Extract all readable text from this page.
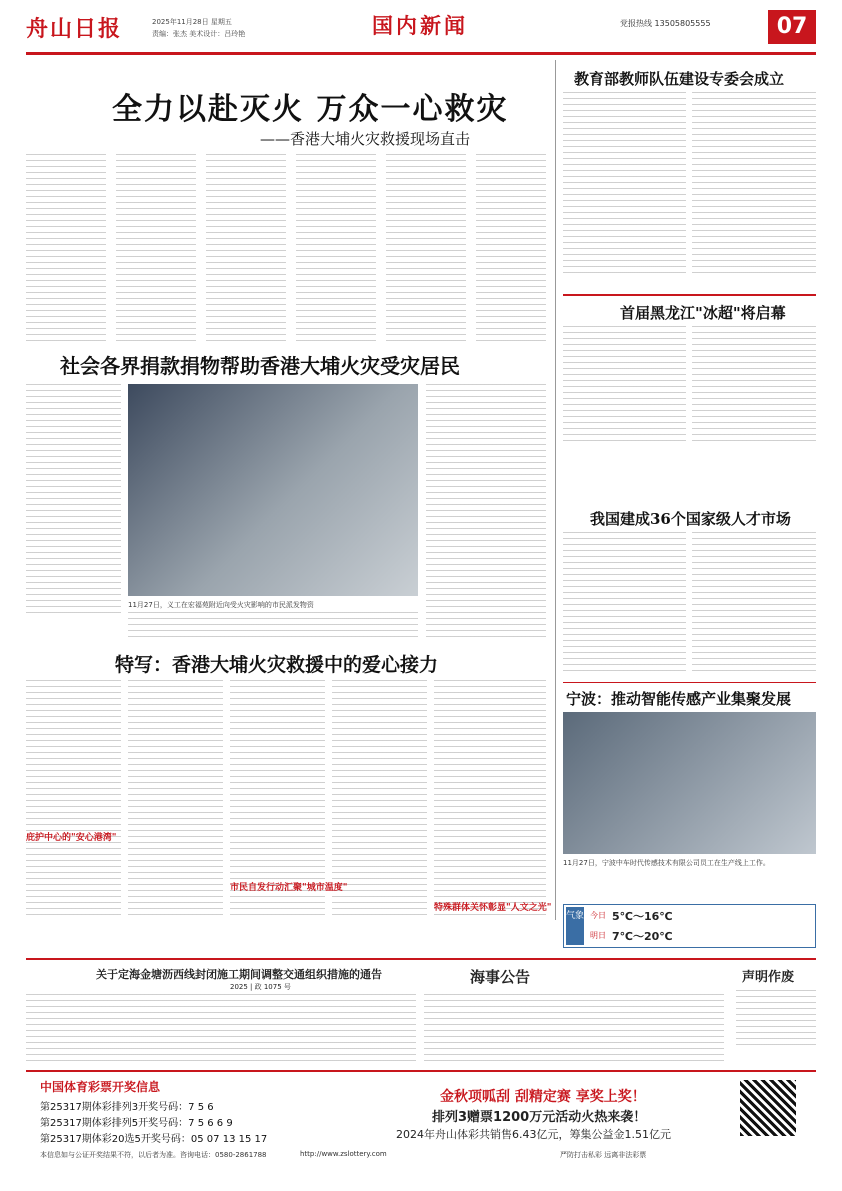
舟山日报	2025年11月28日 星期五
责编：张杰 美术设计：吕玲艳	国内新闻	党报热线 13505805555	07
全力以赴灭火 万众一心救灾
——香港大埔火灾救援现场直击
社会各界捐款捐物帮助香港大埔火灾受灾居民
11月27日，义工在宏福苑附近向受火灾影响的市民派发物资
特写：香港大埔火灾救援中的爱心接力
庇护中心的"安心港湾"
市民自发行动汇聚"城市温度"
特殊群体关怀彰显"人文之光"
教育部教师队伍建设专委会成立
首届黑龙江"冰超"将启幕
我国建成36个国家级人才市场
宁波：推动智能传感产业集聚发展
11月27日，宁波中车时代传感技术有限公司员工在生产线上工作。
气象 今日 5℃～16℃
明日 7℃～20℃
关于定海金塘沥西线封闭施工期间调整交通组织措施的通告
2025 | 政 1075 号
海事公告	声明作废
中国体育彩票开奖信息
第25317期体彩排列3开奖号码：7 5 6
第25317期体彩排列5开奖号码：7 5 6 6 9
第25317期体彩20选5开奖号码：05 07 13 15 17
金秋项呱刮 刮精定赛 享奖上奖！
排列3赠票1200万元活动火热来袭！
2024年舟山体彩共销售6.43亿元，筹集公益金1.51亿元
本信息如与公证开奖结果不符，以后者为准。咨询电话：0580-2861788	http://www.zslottery.com	严防打击私彩 远离非法彩票
